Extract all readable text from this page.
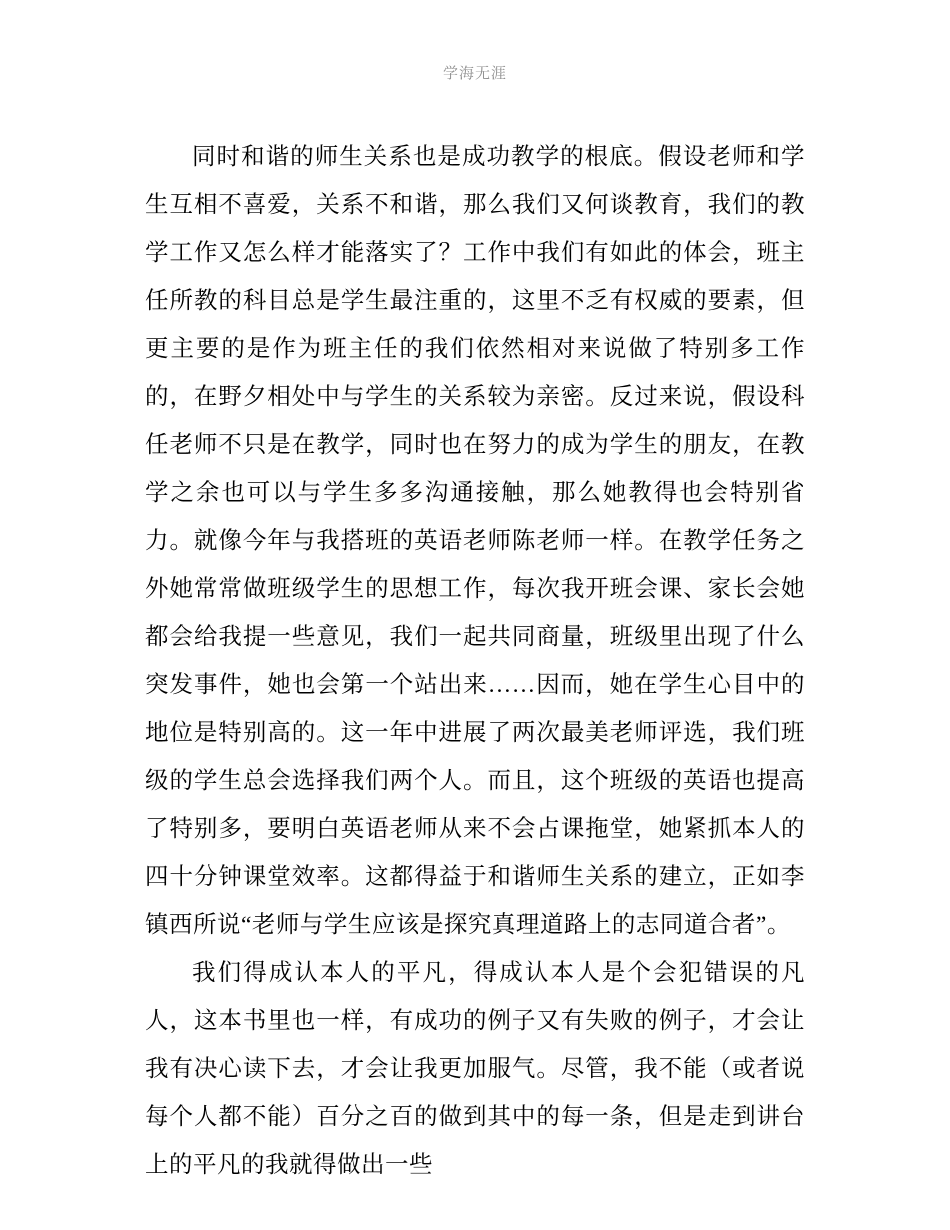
学海无涯

同时和谐的师生关系也是成功教学的根底。假设老师和学生互相不喜爱，关系不和谐，那么我们又何谈教育，我们的教学工作又怎么样才能落实了？工作中我们有如此的体会，班主任所教的科目总是学生最注重的，这里不乏有权威的要素，但更主要的是作为班主任的我们依然相对来说做了特别多工作的，在野夕相处中与学生的关系较为亲密。反过来说，假设科任老师不只是在教学，同时也在努力的成为学生的朋友，在教学之余也可以与学生多多沟通接触，那么她教得也会特别省力。就像今年与我搭班的英语老师陈老师一样。在教学任务之外她常常做班级学生的思想工作，每次我开班会课、家长会她都会给我提一些意见，我们一起共同商量，班级里出现了什么突发事件，她也会第一个站出来……因而，她在学生心目中的地位是特别高的。这一年中进展了两次最美老师评选，我们班级的学生总会选择我们两个人。而且，这个班级的英语也提高了特别多，要明白英语老师从来不会占课拖堂，她紧抓本人的四十分钟课堂效率。这都得益于和谐师生关系的建立，正如李镇西所说“老师与学生应该是探究真理道路上的志同道合者”。

我们得成认本人的平凡，得成认本人是个会犯错误的凡人，这本书里也一样，有成功的例子又有失败的例子，才会让我有决心读下去，才会让我更加服气。尽管，我不能（或者说每个人都不能）百分之百的做到其中的每一条，但是走到讲台上的平凡的我就得做出一些
